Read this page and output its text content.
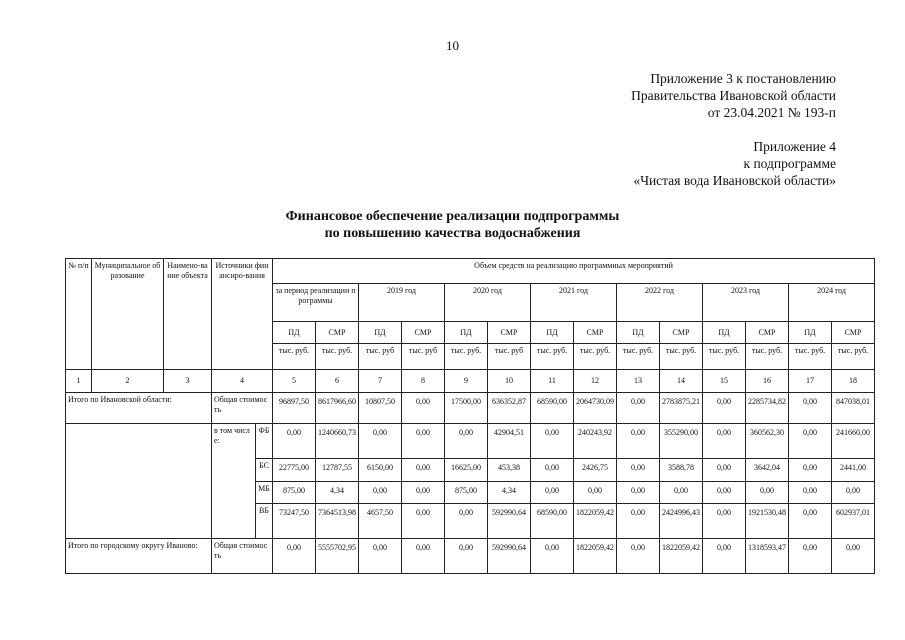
10
Приложение 3 к постановлению
Правительства Ивановской области
от 23.04.2021 № 193-п
Приложение 4
к подпрограмме
«Чистая вода Ивановской области»
Финансовое обеспечение реализации подпрограммы
по повышению качества водоснабжения
№ п/п	Муниципальное образование	Наимено-вание объекта	Источники финансиро-вания		Объем средств на реализацию программных мероприятий													
					за период реализации программы		2019 год		2020 год		2021 год		2022 год		2023 год		2024 год	
					ПД	СМР	ПД	СМР	ПД	СМР	ПД	СМР	ПД	СМР	ПД	СМР	ПД	СМР
					тыс. руб.	тыс. руб.	тыс. руб	тыс. руб	тыс. руб.	тыс. руб	тыс. руб.	тыс. руб.	тыс. руб.	тыс. руб.	тыс. руб.	тыс. руб.	тыс. руб.	тыс. руб.
1	2	3	4		5	6	7	8	9	10	11	12	13	14	15	16	17	18
Итого по Ивановской области:			Общая стоимость		96897,50	8617966,60	10807,50	0,00	17500,00	636352,87	68590,00	2064730,09	0,00	2783875,21	0,00	2285734,82	0,00	847038,01
			в том числе:	ФБ	0,00	1240660,73	0,00	0,00	0,00	42904,51	0,00	240243,92	0,00	355290,00	0,00	360562,30	0,00	241660,00
				БС	22775,00	12787,55	6150,00	0,00	16625,00	453,38	0,00	2426,75	0,00	3588,78	0,00	3642,04	0,00	2441,00
				МБ	875,00	4,34	0,00	0,00	875,00	4,34	0,00	0,00	0,00	0,00	0,00	0,00	0,00	0,00
				ВБ	73247,50	7364513,98	4657,50	0,00	0,00	592990,64	68590,00	1822059,42	0,00	2424996,43	0,00	1921530,48	0,00	602937,01
Итого по городскому округу Иваново:			Общая стоимость		0,00	5555702,95	0,00	0,00	0,00	592990,64	0,00	1822059,42	0,00	1822059,42	0,00	1318593,47	0,00	0,00
